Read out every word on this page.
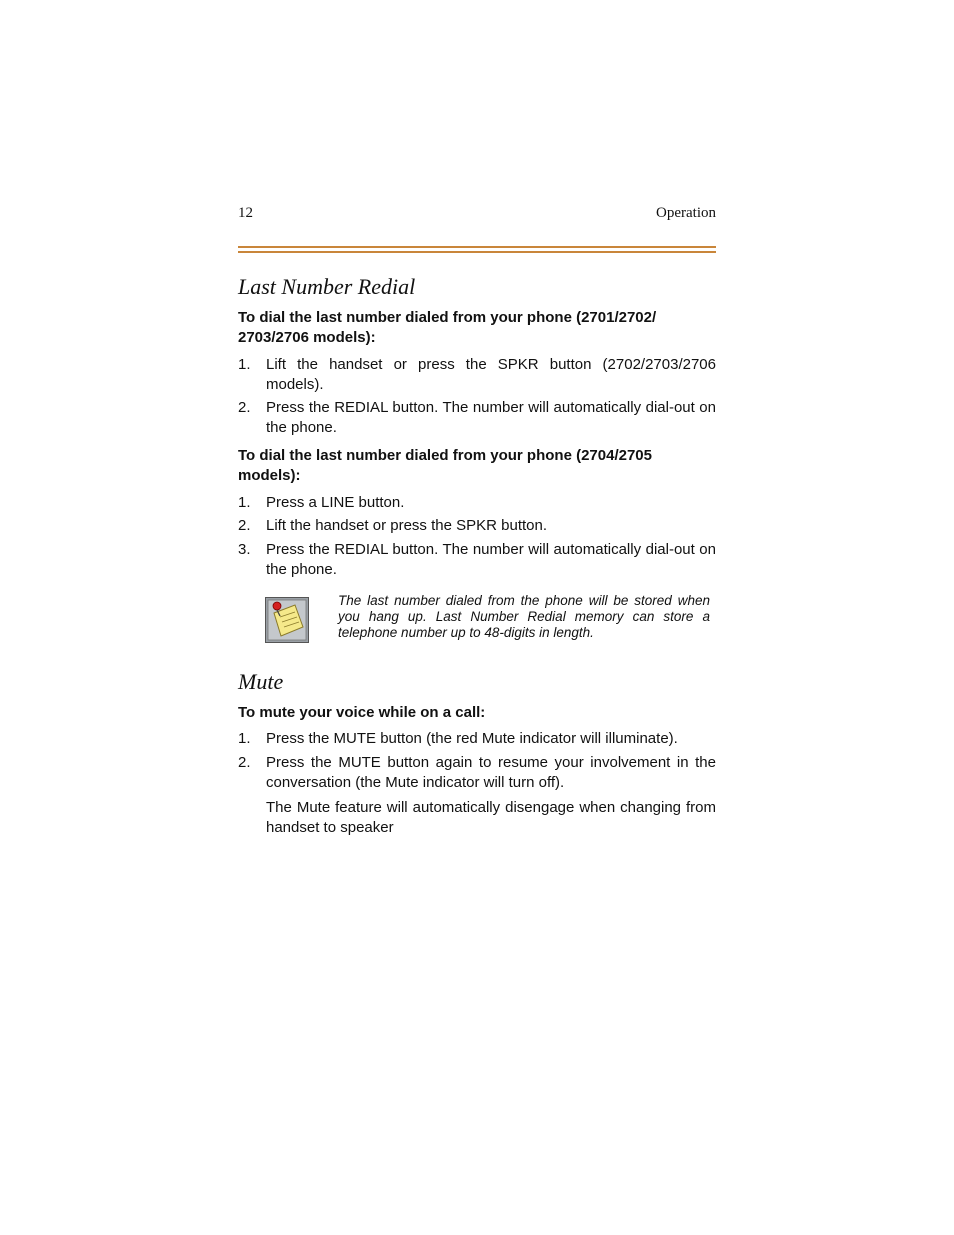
12	Operation
Last Number Redial

To dial the last number dialed from your phone (2701/2702/ 2703/2706 models):

1. Lift the handset or press the SPKR button (2702/2703/2706 models).
2. Press the REDIAL button. The number will automatically dial-out on the phone.

To dial the last number dialed from your phone (2704/2705 models):

1. Press a LINE button.
2. Lift the handset or press the SPKR button.
3. Press the REDIAL button. The number will automatically dial-out on the phone.
The last number dialed from the phone will be stored when you hang up. Last Number Redial memory can store a telephone number up to 48-digits in length.
Mute

To mute your voice while on a call:

1. Press the MUTE button (the red Mute indicator will illuminate).
2. Press the MUTE button again to resume your involvement in the conversation (the Mute indicator will turn off).
The Mute feature will automatically disengage when changing from handset to speaker
